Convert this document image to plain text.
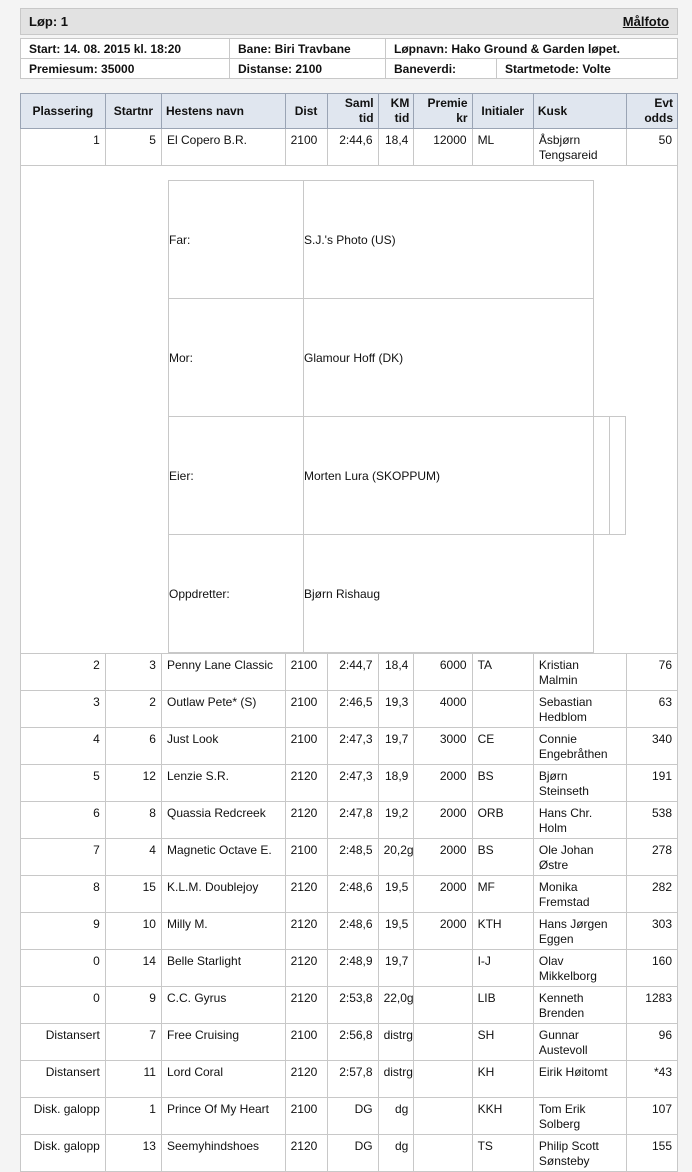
Løp: 1	Målfoto
Start: 14. 08. 2015 kl. 18:20	Bane: Biri Travbane	Løpnavn: Hako Ground & Garden løpet.	
Premiesum: 35000	Distanse: 2100	Baneverdi:	Startmetode: Volte
Plassering	Startnr	Hestens navn	Dist	Saml tid	KM tid	Premie kr	Initialer	Kusk	Evt odds
1	5	El Copero B.R.	2100	2:44,6	18,4	12000	ML	Åsbjørn Tengsareid	50

Far:	S.J.'s Photo (US)	
Mor:	Glamour Hoff (DK)	
Eier:	Morten Lura (SKOPPUM)		
Oppdretter:	Bjørn Rishaug	

2	3	Penny Lane Classic	2100	2:44,7	18,4	6000	TA	Kristian Malmin	76
3	2	Outlaw Pete* (S)	2100	2:46,5	19,3	4000		Sebastian Hedblom	63
4	6	Just Look	2100	2:47,3	19,7	3000	CE	Connie Engebråthen	340
5	12	Lenzie S.R.	2120	2:47,3	18,9	2000	BS	Bjørn Steinseth	191
6	8	Quassia Redcreek	2120	2:47,8	19,2	2000	ORB	Hans Chr. Holm	538
7	4	Magnetic Octave E.	2100	2:48,5	20,2g	2000	BS	Ole Johan Østre	278
8	15	K.L.M. Doublejoy	2120	2:48,6	19,5	2000	MF	Monika Fremstad	282
9	10	Milly M.	2120	2:48,6	19,5	2000	KTH	Hans Jørgen Eggen	303
0	14	Belle Starlight	2120	2:48,9	19,7		I-J	Olav Mikkelborg	160
0	9	C.C. Gyrus	2120	2:53,8	22,0g		LIB	Kenneth Brenden	1283
Distansert	7	Free Cruising	2100	2:56,8	distrg		SH	Gunnar Austevoll	96
Distansert	11	Lord Coral	2120	2:57,8	distrg		KH	Eirik Høitomt	*43
Disk. galopp	1	Prince Of My Heart	2100	DG	dg		KKH	Tom Erik Solberg	107
Disk. galopp	13	Seemyhindshoes	2120	DG	dg		TS	Philip Scott Sønsteby	155
